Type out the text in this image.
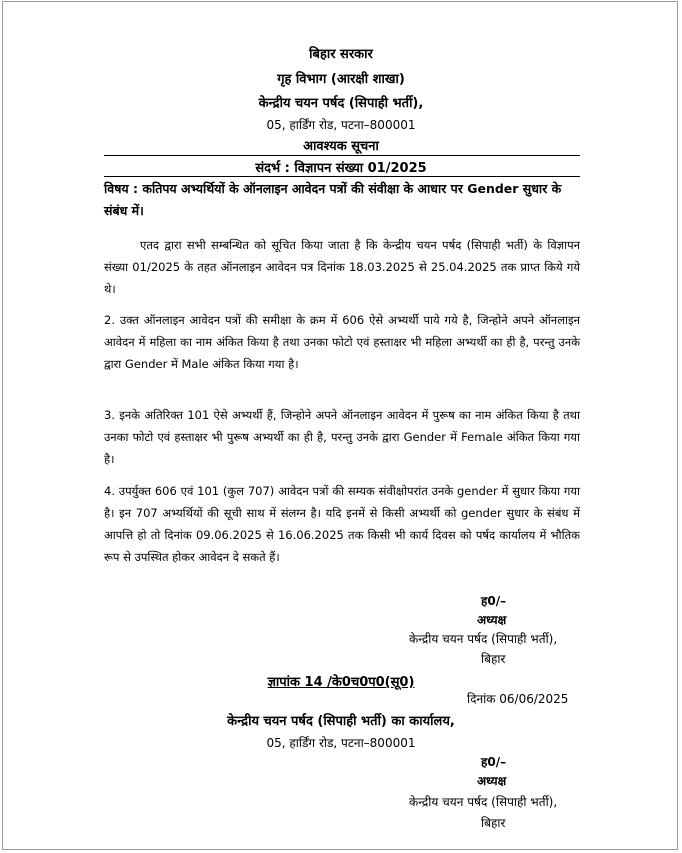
बिहार सरकार
गृह विभाग (आरक्षी शाखा)
केन्द्रीय चयन पर्षद (सिपाही भर्ती),
05, हार्डिंग रोड, पटना–800001
आवश्यक सूचना
संदर्भ : विज्ञापन संख्या 01/2025
विषय : कतिपय अभ्यर्थियों के ऑनलाइन आवेदन पत्रों की संवीक्षा के आधार पर Gender सुधार के संबंध में।
एतद द्वारा सभी सम्बन्धित को सूचित किया जाता है कि केन्द्रीय चयन पर्षद (सिपाही भर्ती) के विज्ञापन संख्या 01/2025 के तहत ऑनलाइन आवेदन पत्र दिनांक 18.03.2025 से 25.04.2025 तक प्राप्त किये गये थे।
2. उक्त ऑनलाइन आवेदन पत्रों की समीक्षा के क्रम में 606 ऐसे अभ्यर्थी पाये गये है, जिन्होने अपने ऑनलाइन आवेदन में महिला का नाम अंकित किया है तथा उनका फोटो एवं हस्ताक्षर भी महिला अभ्यर्थी का ही है, परन्तु उनके द्वारा Gender में Male अंकित किया गया है।
3. इनके अतिरिक्त 101 ऐसे अभ्यर्थी हैं, जिन्होने अपने ऑनलाइन आवेदन में पुरूष का नाम अंकित किया है तथा उनका फोटो एवं हस्ताक्षर भी पुरूष अभ्यर्थी का ही है, परन्तु उनके द्वारा Gender में Female अंकित किया गया है।
4. उपर्युक्त 606 एवं 101 (कुल 707) आवेदन पत्रों की सम्यक संवीक्षोपरांत उनके gender में सुधार किया गया है। इन 707 अभ्यर्थियों की सूची साथ में संलग्न है। यदि इनमें से किसी अभ्यर्थी को gender सुधार के संबंध में आपत्ति हो तो दिनांक 09.06.2025 से 16.06.2025 तक किसी भी कार्य दिवस को पर्षद कार्यालय में भौतिक रूप से उपस्थित होकर आवेदन दे सकते हैं।
ह0/–
अध्यक्ष
केन्द्रीय चयन पर्षद (सिपाही भर्ती),
बिहार
ज्ञापांक 14 /के0च0प0(सू0)
दिनांक 06/06/2025
केन्द्रीय चयन पर्षद (सिपाही भर्ती) का कार्यालय,
05, हार्डिंग रोड, पटना–800001
ह0/–
अध्यक्ष
केन्द्रीय चयन पर्षद (सिपाही भर्ती),
बिहार
